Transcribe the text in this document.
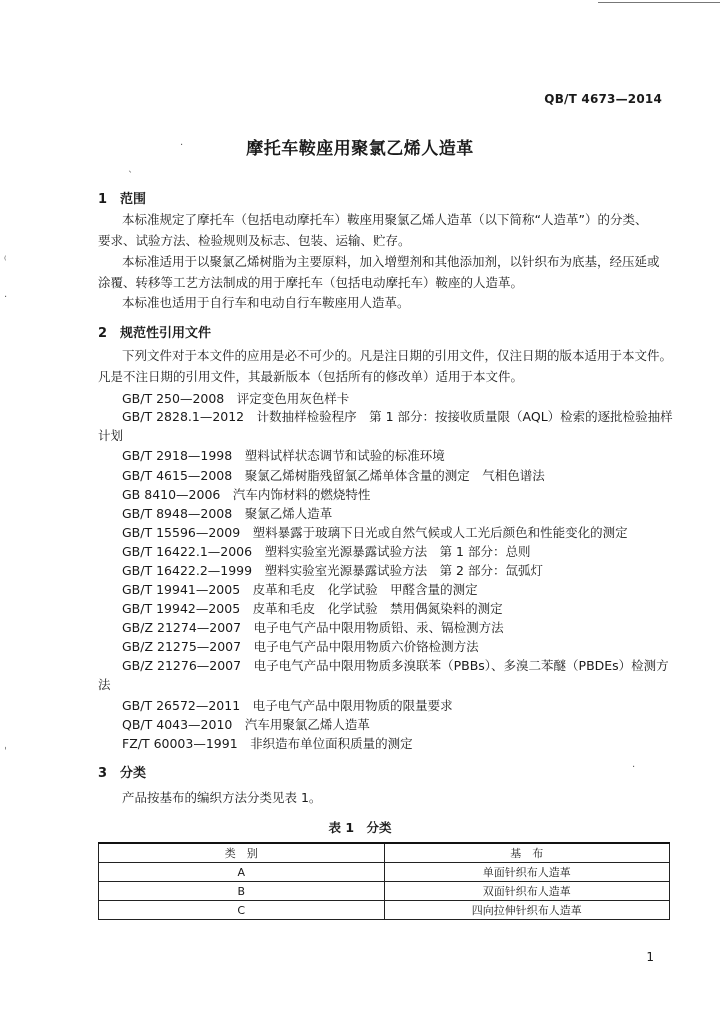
QB/T 4673—2014
摩托车鞍座用聚氯乙烯人造革
1 范围
本标准规定了摩托车（包括电动摩托车）鞍座用聚氯乙烯人造革（以下简称“人造革”）的分类、
要求、试验方法、检验规则及标志、包装、运输、贮存。
本标准适用于以聚氯乙烯树脂为主要原料，加入增塑剂和其他添加剂，以针织布为底基，经压延或
涂覆、转移等工艺方法制成的用于摩托车（包括电动摩托车）鞍座的人造革。
本标准也适用于自行车和电动自行车鞍座用人造革。
2 规范性引用文件
下列文件对于本文件的应用是必不可少的。凡是注日期的引用文件，仅注日期的版本适用于本文件。
凡是不注日期的引用文件，其最新版本（包括所有的修改单）适用于本文件。
GB/T 250—2008　评定变色用灰色样卡
GB/T 2828.1—2012　计数抽样检验程序　第 1 部分：按接收质量限（AQL）检索的逐批检验抽样
计划
GB/T 2918—1998　塑料试样状态调节和试验的标准环境
GB/T 4615—2008　聚氯乙烯树脂残留氯乙烯单体含量的测定　气相色谱法
GB 8410—2006　汽车内饰材料的燃烧特性
GB/T 8948—2008　聚氯乙烯人造革
GB/T 15596—2009　塑料暴露于玻璃下日光或自然气候或人工光后颜色和性能变化的测定
GB/T 16422.1—2006　塑料实验室光源暴露试验方法　第 1 部分：总则
GB/T 16422.2—1999　塑料实验室光源暴露试验方法　第 2 部分：氙弧灯
GB/T 19941—2005　皮革和毛皮　化学试验　甲醛含量的测定
GB/T 19942—2005　皮革和毛皮　化学试验　禁用偶氮染料的测定
GB/Z 21274—2007　电子电气产品中限用物质铅、汞、镉检测方法
GB/Z 21275—2007　电子电气产品中限用物质六价铬检测方法
GB/Z 21276—2007　电子电气产品中限用物质多溴联苯（PBBs）、多溴二苯醚（PBDEs）检测方
法
GB/T 26572—2011　电子电气产品中限用物质的限量要求
QB/T 4043—2010　汽车用聚氯乙烯人造革
FZ/T 60003—1991　非织造布单位面积质量的测定
3 分类
产品按基布的编织方法分类见表 1。
表 1　分类
类　别	基　布
A	单面针织布人造革
B	双面针织布人造革
C	四向拉伸针织布人造革
1
⁽
·
ˌ
·
ˎ
·
